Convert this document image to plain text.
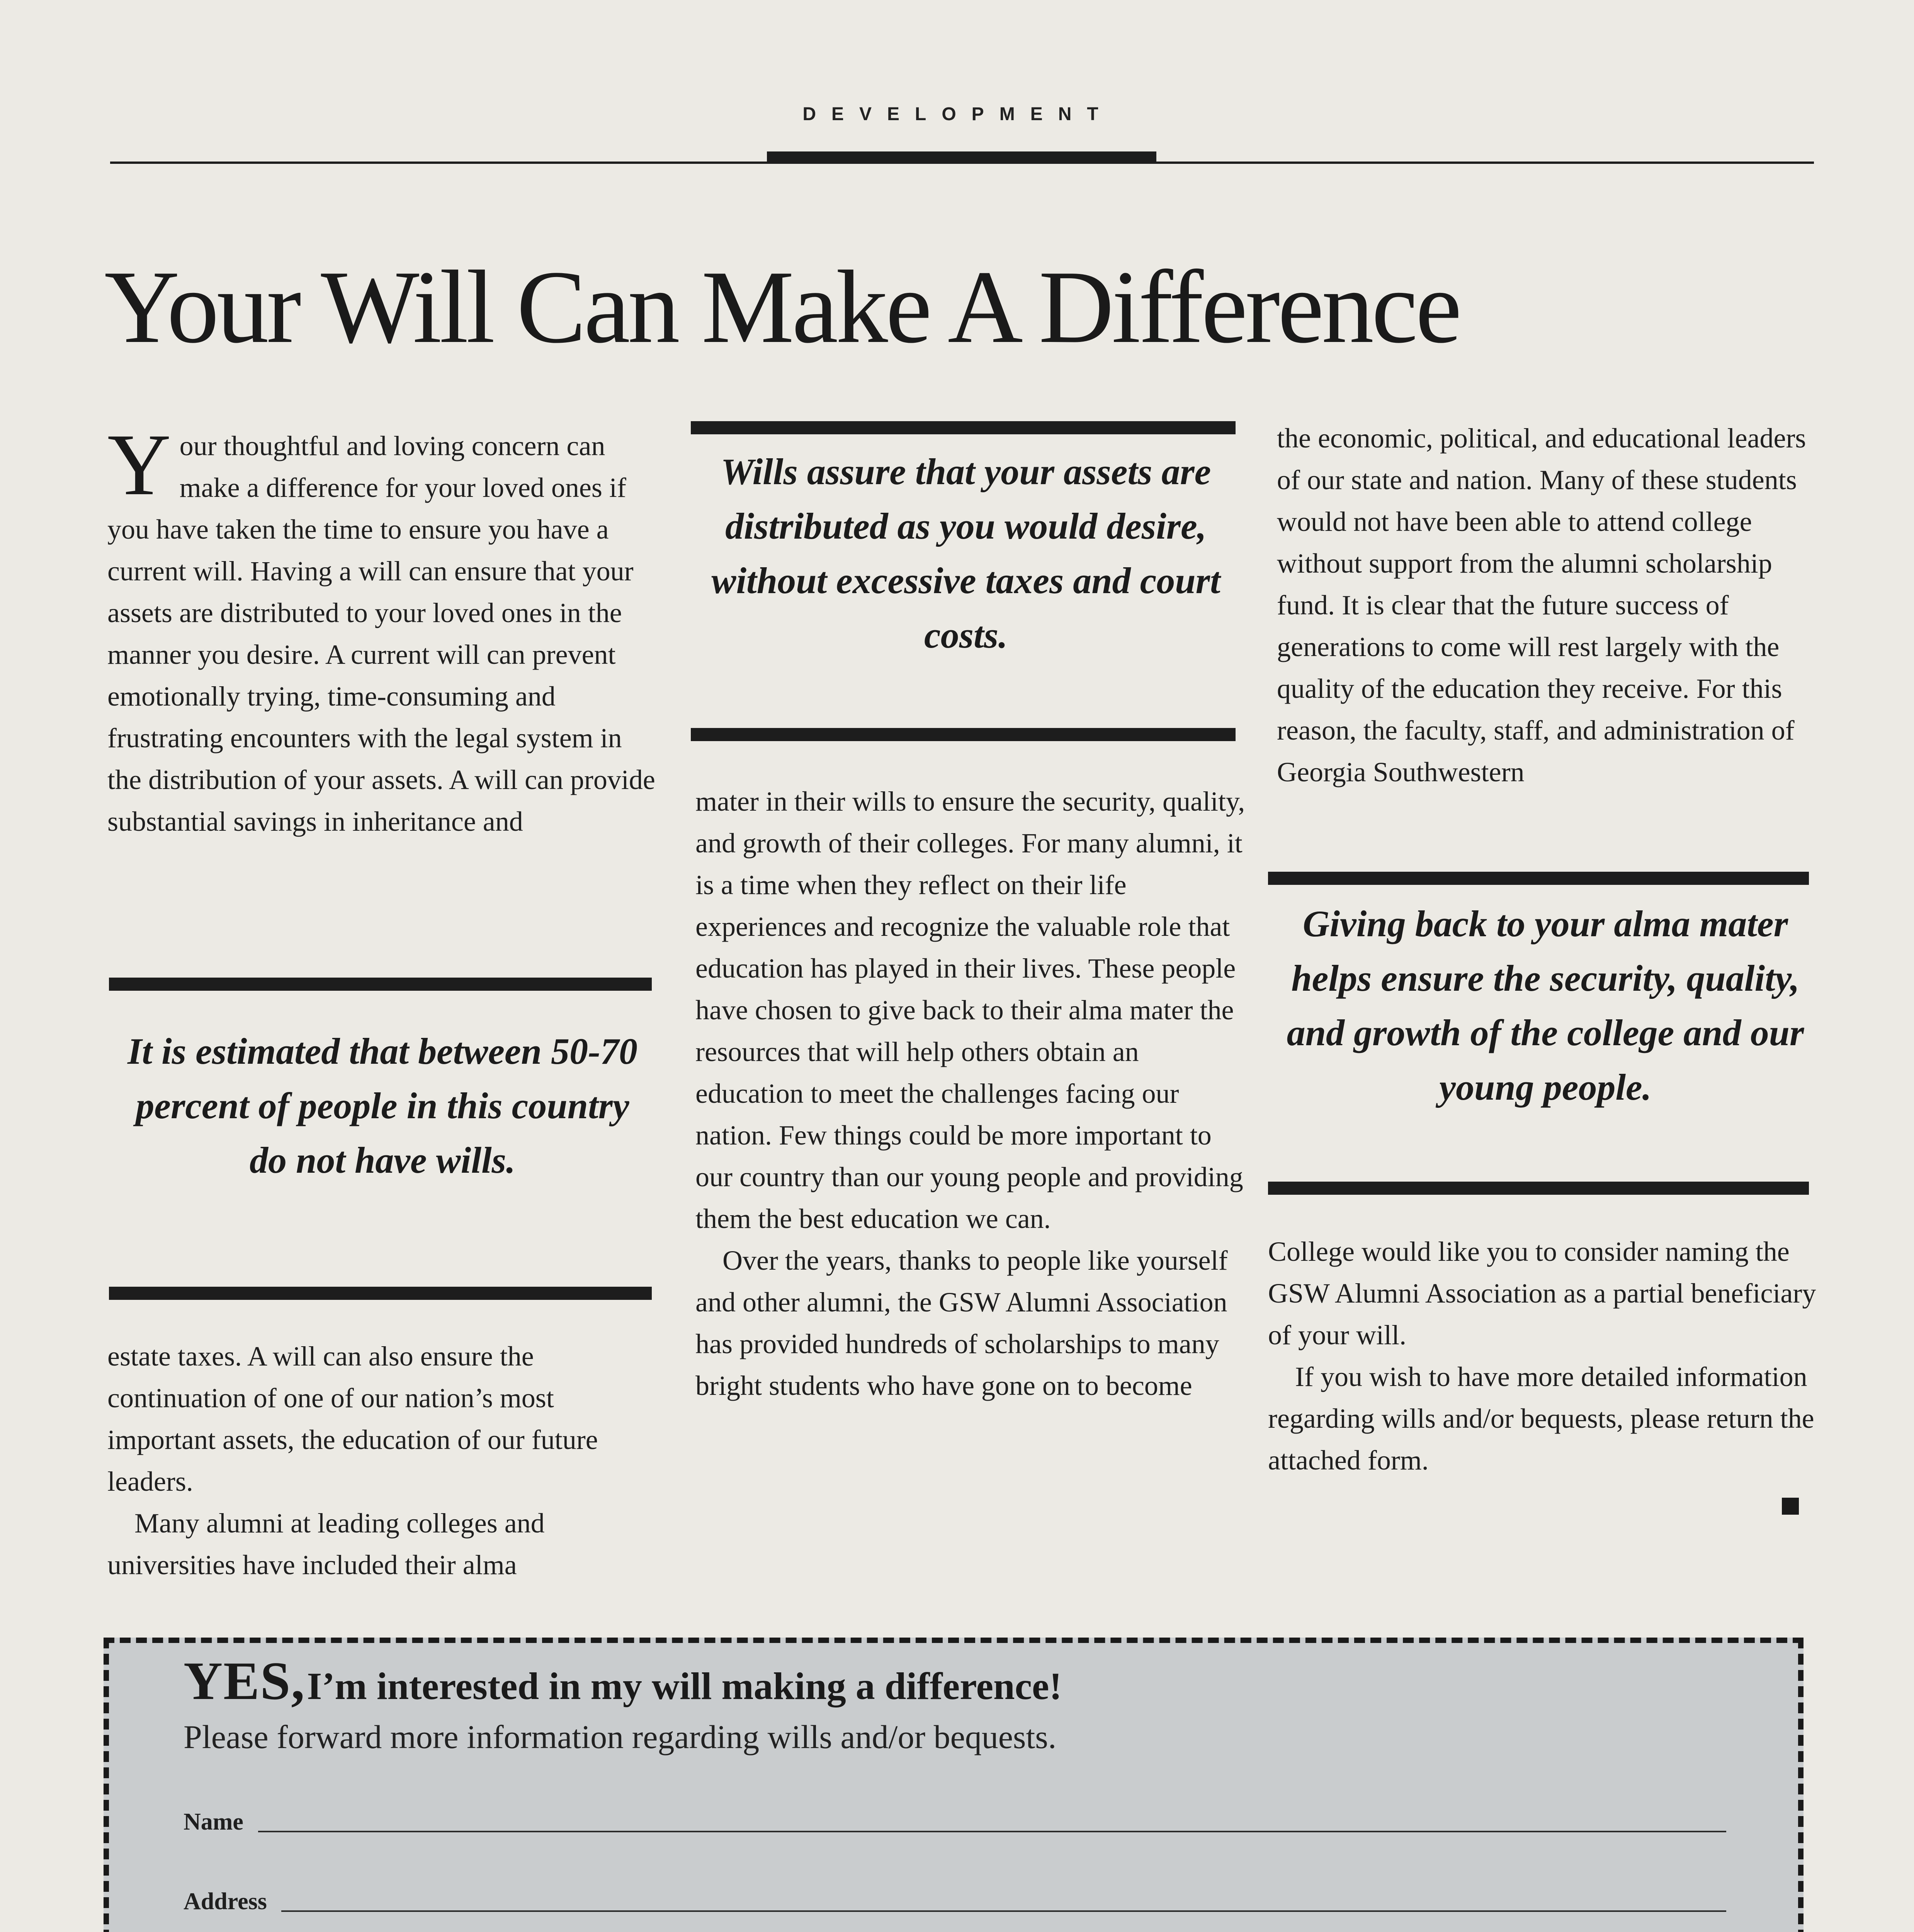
DEVELOPMENT
Your Will Can Make A Difference
Y our thoughtful and loving concern can make a difference for your loved ones if you have taken the time to ensure you have a current will. Having a will can ensure that your assets are distributed to your loved ones in the manner you desire. A current will can prevent emotionally trying, time-consuming and frustrating encounters with the legal system in the distribution of your assets. A will can provide substantial savings in inheritance and

It is estimated that between 50-70 percent of people in this country do not have wills.

estate taxes. A will can also ensure the continuation of one of our nation’s most important assets, the education of our future leaders.

Many alumni at leading colleges and universities have included their alma

Wills assure that your assets are distributed as you would desire, without excessive taxes and court costs.

mater in their wills to ensure the security, quality, and growth of their colleges. For many alumni, it is a time when they reflect on their life experiences and recognize the valuable role that education has played in their lives. These people have chosen to give back to their alma mater the resources that will help others obtain an education to meet the challenges facing our nation. Few things could be more important to our country than our young people and providing them the best education we can.

Over the years, thanks to people like yourself and other alumni, the GSW Alumni Association has provided hundreds of scholarships to many bright students who have gone on to become

the economic, political, and educational leaders of our state and nation. Many of these students would not have been able to attend college without support from the alumni scholarship fund. It is clear that the future success of generations to come will rest largely with the quality of the education they receive. For this reason, the faculty, staff, and administration of Georgia Southwestern

Giving back to your alma mater helps ensure the security, quality, and growth of the college and our young people.

College would like you to consider naming the GSW Alumni Association as a partial beneficiary of your will.

If you wish to have more detailed information regarding wills and/or bequests, please return the attached form.

YES, I’m interested in my will making a difference!
Please forward more information regarding wills and/or bequests.
Name
Address
